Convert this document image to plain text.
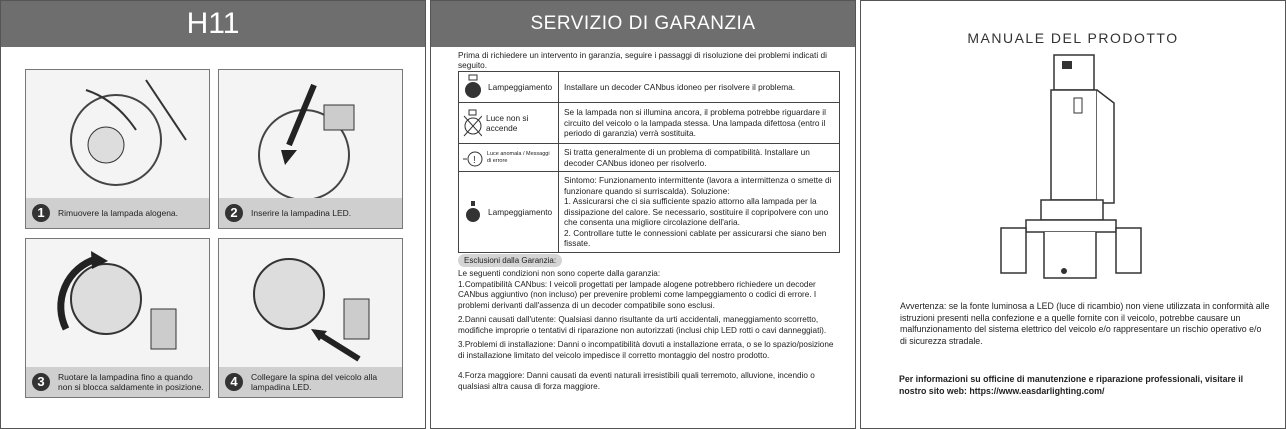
H11
1	Rimuovere la lampada alogena.	2	Inserire la lampadina LED.
3	Ruotare la lampadina fino a quando non si blocca saldamente in posizione.	4	Collegare la spina del veicolo alla lampadina LED.
SERVIZIO DI GARANZIA
Prima di richiedere un intervento in garanzia, seguire i passaggi di risoluzione dei problemi indicati di seguito.
Lampeggiamento	Installare un decoder CANbus idoneo per risolvere il problema.

Luce non si accende	Se la lampada non si illumina ancora, il problema potrebbe riguardare il circuito del veicolo o la lampada stessa. Una lampada difettosa (entro il periodo di garanzia) verrà sostituita.

!
Luce anomala / Messaggi di errore	Si tratta generalmente di un problema di compatibilità. Installare un decoder CANbus idoneo per risolverlo.

Lampeggiamento	Sintomo: Funzionamento intermittente (lavora a intermittenza o smette di funzionare quando si surriscalda). Soluzione:
1. Assicurarsi che ci sia sufficiente spazio attorno alla lampada per la dissipazione del calore. Se necessario, sostituire il copripolvere con uno che consenta una migliore circolazione dell'aria.
2. Controllare tutte le connessioni cablate per assicurarsi che siano ben fissate.
Esclusioni dalla Garanzia:

Le seguenti condizioni non sono coperte dalla garanzia:

1.Compatibilità CANbus: I veicoli progettati per lampade alogene potrebbero richiedere un decoder CANbus aggiuntivo (non incluso) per prevenire problemi come lampeggiamento o codici di errore. I problemi derivanti dall'assenza di un decoder compatibile sono esclusi.

2.Danni causati dall'utente: Qualsiasi danno risultante da urti accidentali, maneggiamento scorretto, modifiche improprie o tentativi di riparazione non autorizzati (inclusi chip LED rotti o cavi danneggiati).

3.Problemi di installazione: Danni o incompatibilità dovuti a installazione errata, o se lo spazio/posizione di installazione limitato del veicolo impedisce il corretto montaggio del nostro prodotto.

4.Forza maggiore: Danni causati da eventi naturali irresistibili quali terremoto, alluvione, incendio o qualsiasi altra causa di forza maggiore.

MANUALE DEL PRODOTTO
Avvertenza: se la fonte luminosa a LED (luce di ricambio) non viene utilizzata in conformità alle istruzioni presenti nella confezione e a quelle fornite con il veicolo, potrebbe causare un malfunzionamento del sistema elettrico del veicolo e/o rappresentare un rischio operativo e/o di sicurezza stradale.
Per informazioni su officine di manutenzione e riparazione professionali, visitare il nostro sito web: https://www.easdarlighting.com/
